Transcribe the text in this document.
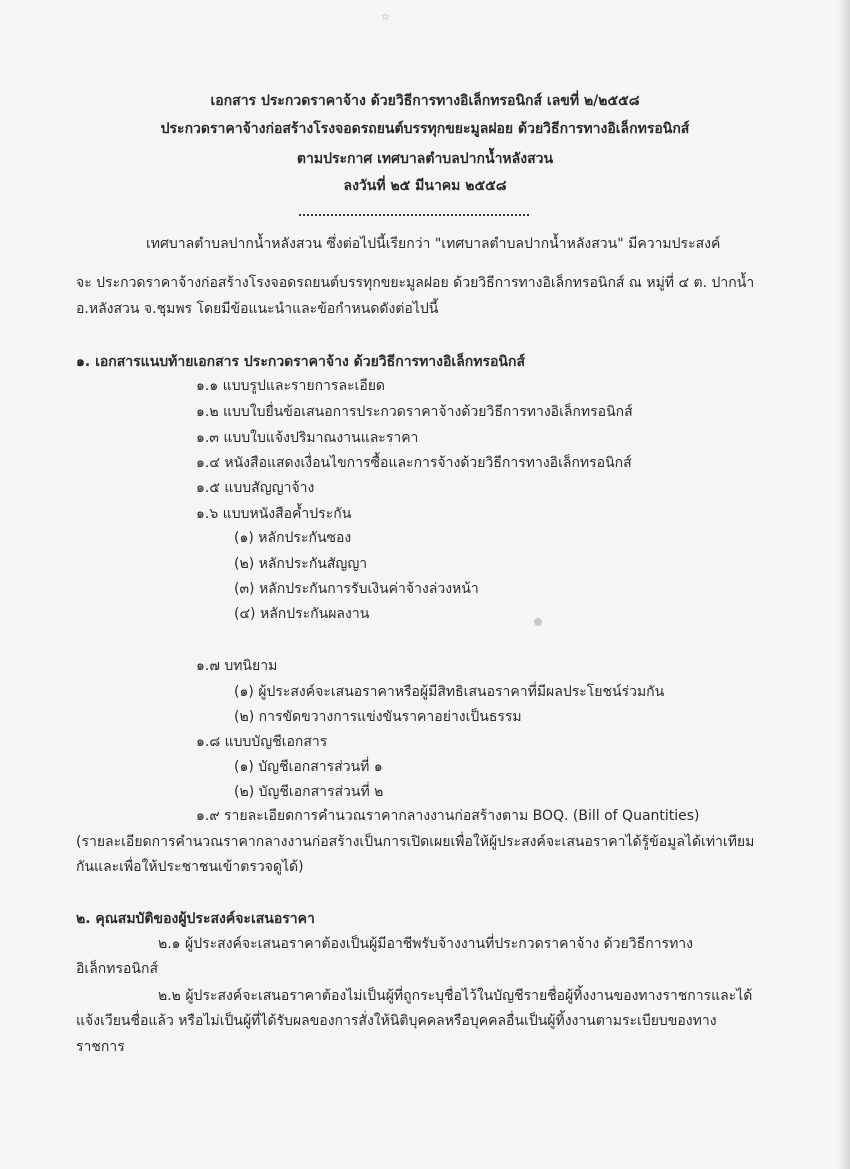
☆
เอกสาร ประกวดราคาจ้าง ด้วยวิธีการทางอิเล็กทรอนิกส์ เลขที่ ๒/๒๕๕๘
ประกวดราคาจ้างก่อสร้างโรงจอดรถยนต์บรรทุกขยะมูลฝอย ด้วยวิธีการทางอิเล็กทรอนิกส์
ตามประกาศ เทศบาลตำบลปากน้ำหลังสวน
ลงวันที่ ๒๕ มีนาคม ๒๕๕๘
เทศบาลตำบลปากน้ำหลังสวน ซึ่งต่อไปนี้เรียกว่า "เทศบาลตำบลปากน้ำหลังสวน" มีความประสงค์
จะ ประกวดราคาจ้างก่อสร้างโรงจอดรถยนต์บรรทุกขยะมูลฝอย ด้วยวิธีการทางอิเล็กทรอนิกส์ ณ หมู่ที่ ๔ ต. ปากน้ำ
อ.หลังสวน จ.ชุมพร โดยมีข้อแนะนำและข้อกำหนดดังต่อไปนี้
๑. เอกสารแนบท้ายเอกสาร ประกวดราคาจ้าง ด้วยวิธีการทางอิเล็กทรอนิกส์
๑.๑ แบบรูปและรายการละเอียด
๑.๒ แบบใบยื่นข้อเสนอการประกวดราคาจ้างด้วยวิธีการทางอิเล็กทรอนิกส์
๑.๓ แบบใบแจ้งปริมาณงานและราคา
๑.๔ หนังสือแสดงเงื่อนไขการซื้อและการจ้างด้วยวิธีการทางอิเล็กทรอนิกส์
๑.๕ แบบสัญญาจ้าง
๑.๖ แบบหนังสือค้ำประกัน
(๑) หลักประกันซอง
(๒) หลักประกันสัญญา
(๓) หลักประกันการรับเงินค่าจ้างล่วงหน้า
(๔) หลักประกันผลงาน
๑.๗ บทนิยาม
(๑) ผู้ประสงค์จะเสนอราคาหรือผู้มีสิทธิเสนอราคาที่มีผลประโยชน์ร่วมกัน
(๒) การขัดขวางการแข่งขันราคาอย่างเป็นธรรม
๑.๘ แบบบัญชีเอกสาร
(๑) บัญชีเอกสารส่วนที่ ๑
(๒) บัญชีเอกสารส่วนที่ ๒
๑.๙ รายละเอียดการคำนวณราคากลางงานก่อสร้างตาม BOQ. (Bill of Quantities)
(รายละเอียดการคำนวณราคากลางงานก่อสร้างเป็นการเปิดเผยเพื่อให้ผู้ประสงค์จะเสนอราคาได้รู้ข้อมูลได้เท่าเทียม
กันและเพื่อให้ประชาชนเข้าตรวจดูได้)
๒. คุณสมบัติของผู้ประสงค์จะเสนอราคา
๒.๑ ผู้ประสงค์จะเสนอราคาต้องเป็นผู้มีอาชีพรับจ้างงานที่ประกวดราคาจ้าง ด้วยวิธีการทาง
อิเล็กทรอนิกส์
๒.๒ ผู้ประสงค์จะเสนอราคาต้องไม่เป็นผู้ที่ถูกระบุชื่อไว้ในบัญชีรายชื่อผู้ทิ้งงานของทางราชการและได้
แจ้งเวียนชื่อแล้ว หรือไม่เป็นผู้ที่ได้รับผลของการสั่งให้นิติบุคคลหรือบุคคลอื่นเป็นผู้ทิ้งงานตามระเบียบของทาง
ราชการ
